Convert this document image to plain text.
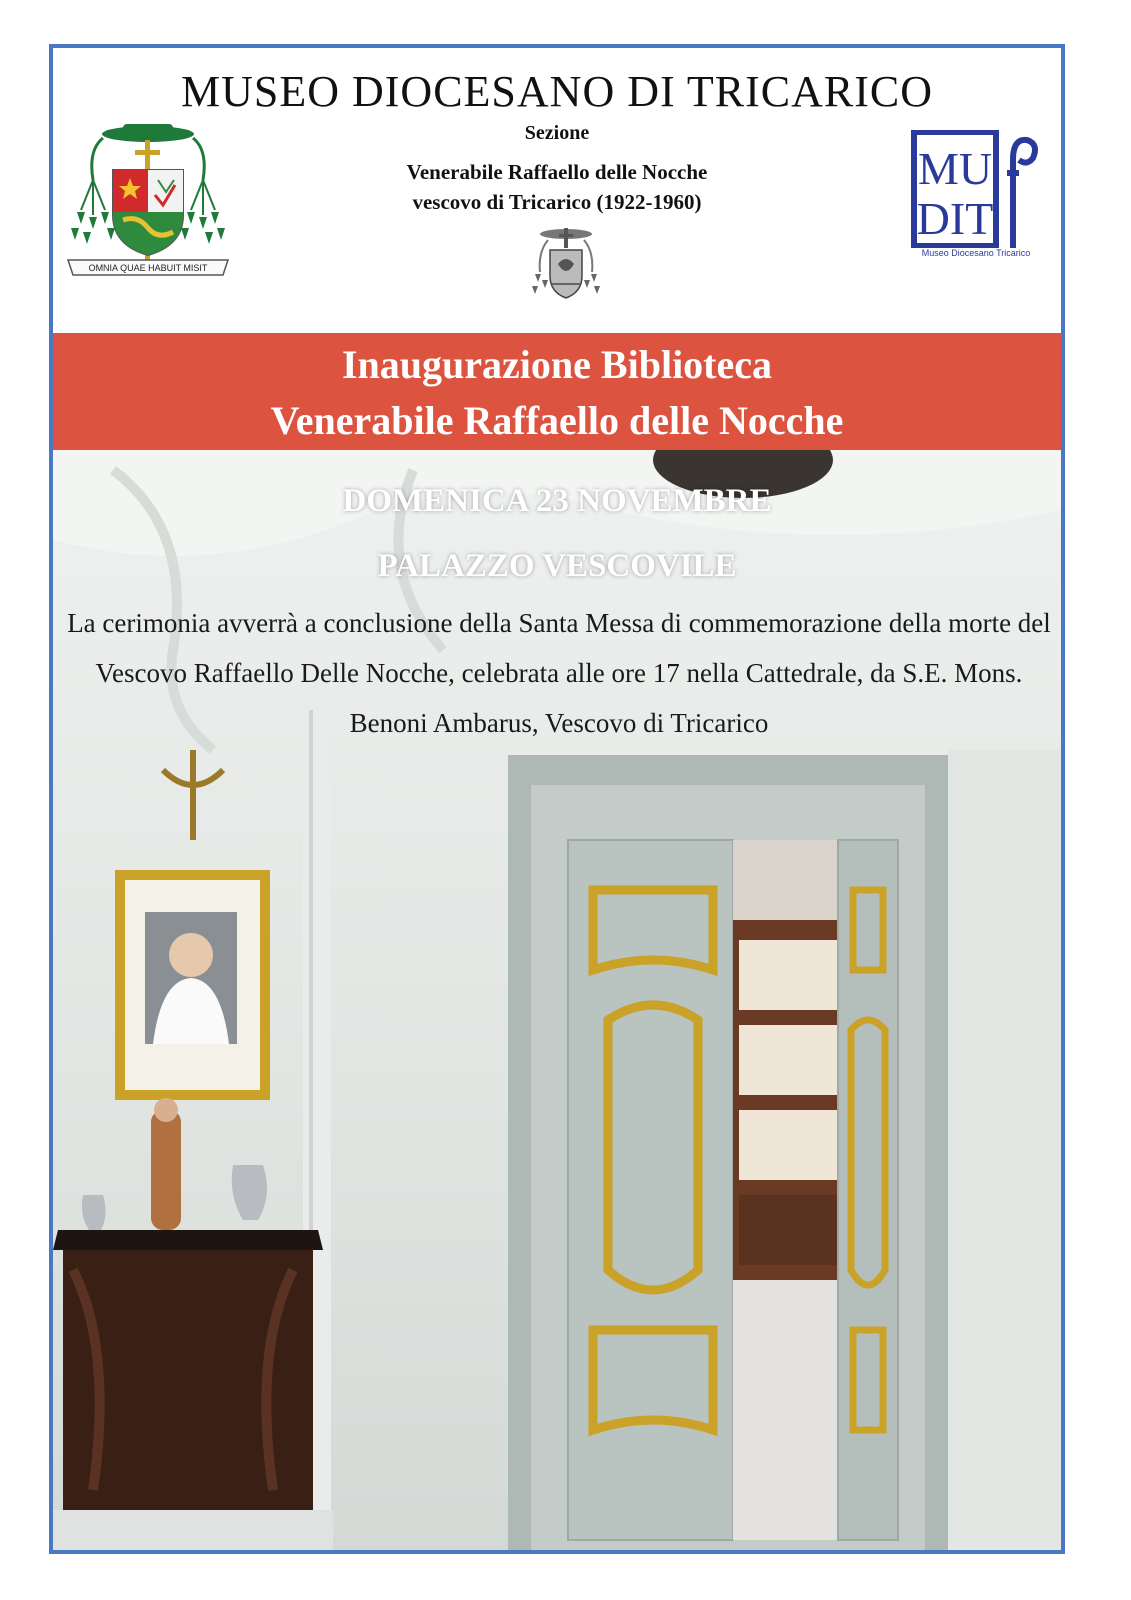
MUSEO DIOCESANO DI TRICARICO
Sezione
Venerabile Raffaello delle Nocche
vescovo di Tricarico (1922-1960)
OMNIA QUAE HABUIT MISIT
MU
DIT
Museo Diocesano Tricarico
Inaugurazione Biblioteca
Venerabile Raffaello delle Nocche
DOMENICA 23 NOVEMBRE
PALAZZO VESCOVILE
La cerimonia avverrà a conclusione della Santa Messa di commemorazione della morte del Vescovo Raffaello Delle Nocche, celebrata alle ore 17 nella Cattedrale, da S.E. Mons. Benoni Ambarus, Vescovo di Tricarico
